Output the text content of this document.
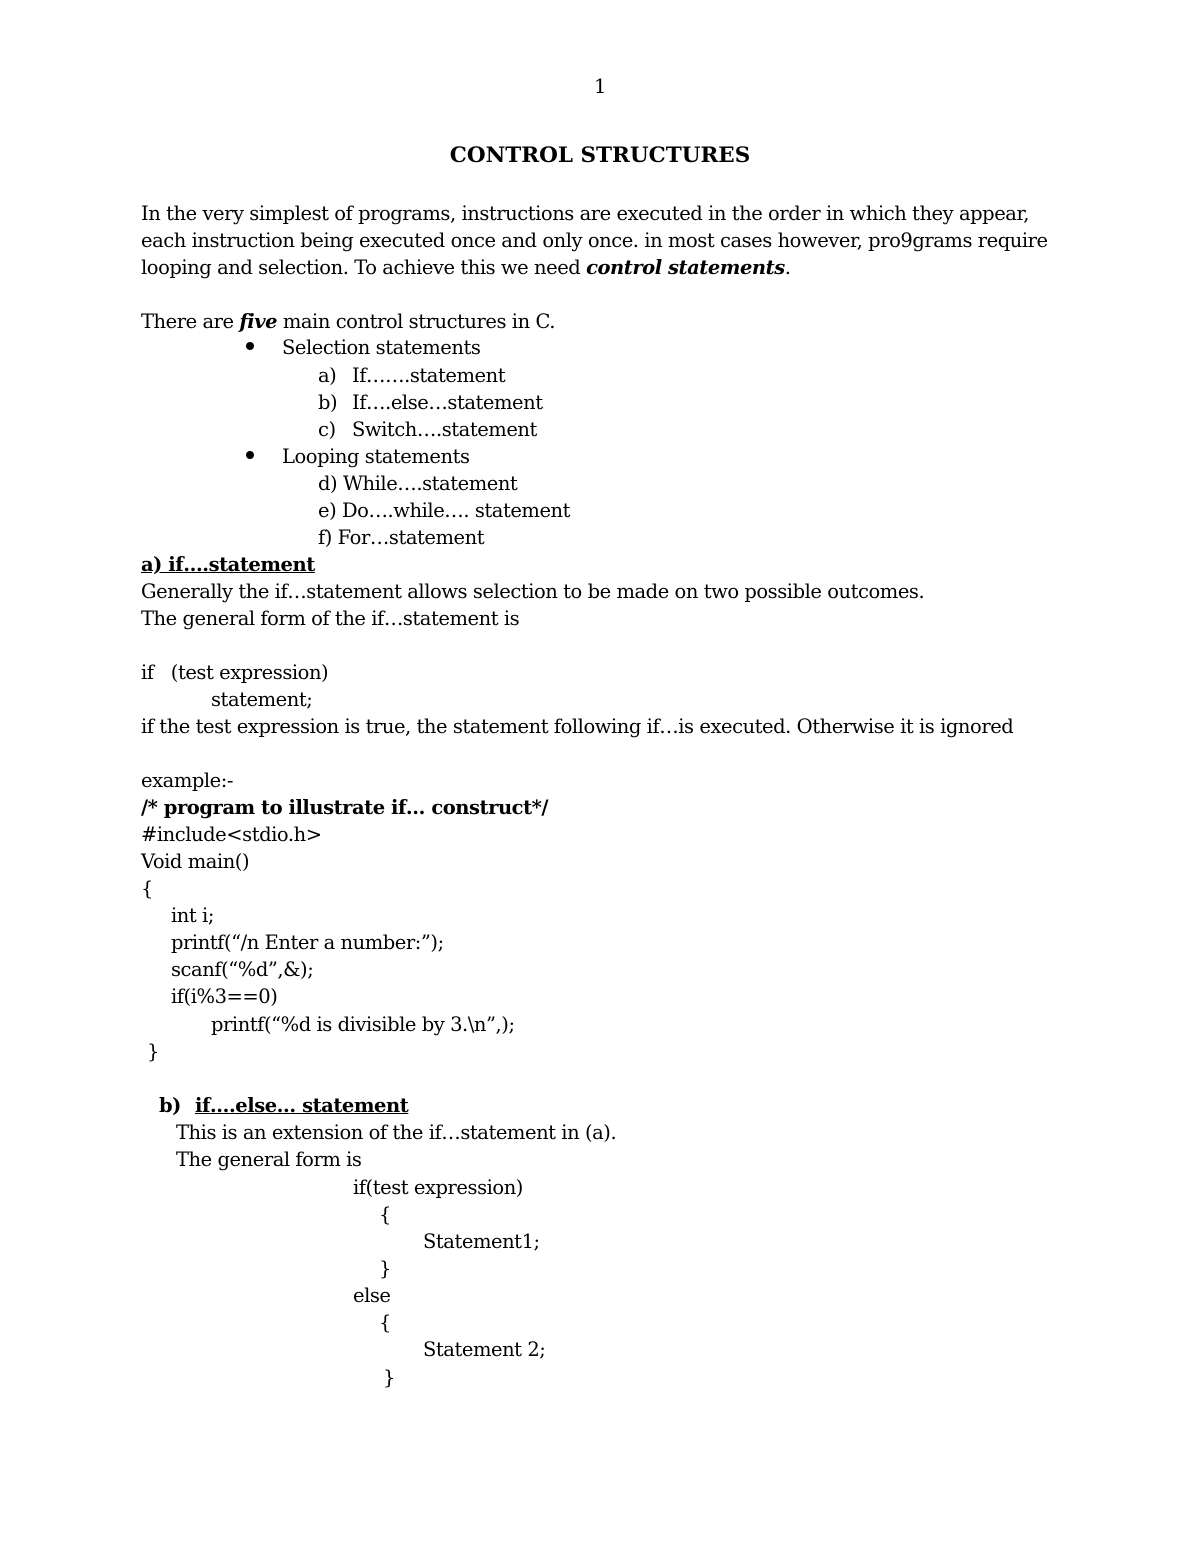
1
CONTROL STRUCTURES
In the very simplest of programs, instructions are executed in the order in which they appear,
each instruction being executed once and only once. in most cases however, pro9grams require
looping and selection. To achieve this we need control statements.
There are five main control structures in C.
Selection statements
a) If…….statement
b) If….else…statement
c) Switch….statement
Looping statements
d) While….statement
e) Do….while…. statement
f) For…statement
a) if….statement
Generally the if…statement allows selection to be made on two possible outcomes.
The general form of the if…statement is
if   (test expression)
statement;
if the test expression is true, the statement following if…is executed. Otherwise it is ignored
example:-
/* program to illustrate if… construct*/
#include<stdio.h>
Void main()
{
int i;
printf(“/n Enter a number:”);
scanf(“%d”,&);
if(i%3==0)
printf(“%d is divisible by 3.\n”,);
}
b) if….else… statement
This is an extension of the if…statement in (a).
The general form is
if(test expression)
{
Statement1;
}
else
{
Statement 2;
}
